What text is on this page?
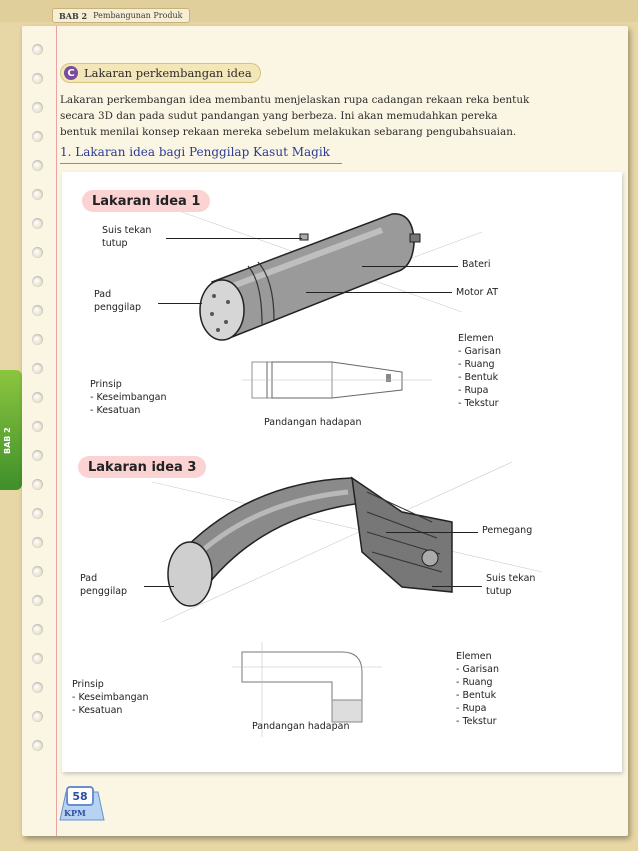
BAB 2 Pembangunan Produk
BAB 2
C Lakaran perkembangan idea
Lakaran perkembangan idea membantu menjelaskan rupa cadangan rekaan reka bentuk
secara 3D dan pada sudut pandangan yang berbeza. Ini akan memudahkan pereka
bentuk menilai konsep rekaan mereka sebelum melakukan sebarang pengubahsuaian.
1. Lakaran idea bagi Penggilap Kasut Magik
Lakaran idea 1
Suis tekan
tutup
Bateri
Pad
penggilap
Motor AT
Elemen
- Garisan
- Ruang
- Bentuk
- Rupa
- Tekstur
Prinsip
- Keseimbangan
- Kesatuan
Pandangan hadapan
Lakaran idea 3
Pemegang
Pad
penggilap
Suis tekan
tutup
Elemen
- Garisan
- Ruang
- Bentuk
- Rupa
- Tekstur
Prinsip
- Keseimbangan
- Kesatuan
Pandangan hadapan
58
KPM
